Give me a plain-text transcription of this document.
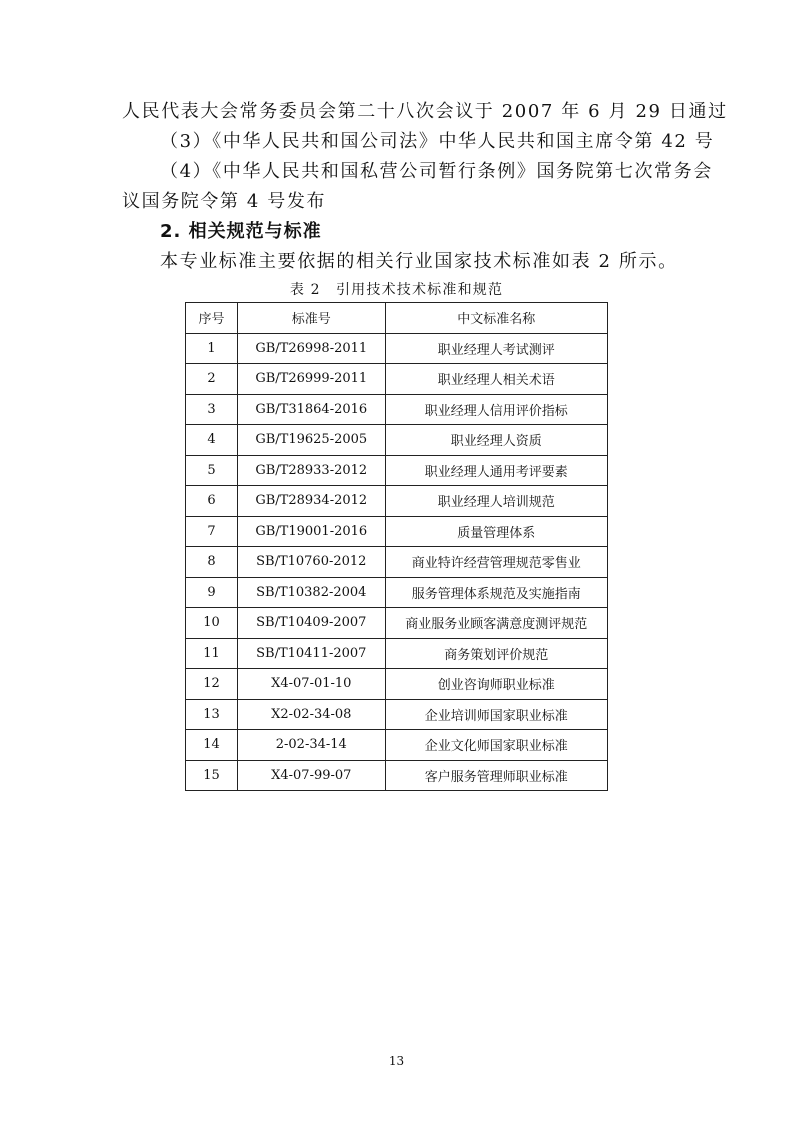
人民代表大会常务委员会第二十八次会议于 2007 年 6 月 29 日通过
（3）《中华人民共和国公司法》中华人民共和国主席令第 42 号
（4）《中华人民共和国私营公司暂行条例》国务院第七次常务会
议国务院令第 4 号发布
2. 相关规范与标准
本专业标准主要依据的相关行业国家技术标准如表 2 所示。
表 2　引用技术技术标准和规范
序号	标准号	中文标准名称
1	GB/T26998-2011	职业经理人考试测评
2	GB/T26999-2011	职业经理人相关术语
3	GB/T31864-2016	职业经理人信用评价指标
4	GB/T19625-2005	职业经理人资质
5	GB/T28933-2012	职业经理人通用考评要素
6	GB/T28934-2012	职业经理人培训规范
7	GB/T19001-2016	质量管理体系
8	SB/T10760-2012	商业特许经营管理规范零售业
9	SB/T10382-2004	服务管理体系规范及实施指南
10	SB/T10409-2007	商业服务业顾客满意度测评规范
11	SB/T10411-2007	商务策划评价规范
12	X4-07-01-10	创业咨询师职业标准
13	X2-02-34-08	企业培训师国家职业标准
14	2-02-34-14	企业文化师国家职业标准
15	X4-07-99-07	客户服务管理师职业标准
13
